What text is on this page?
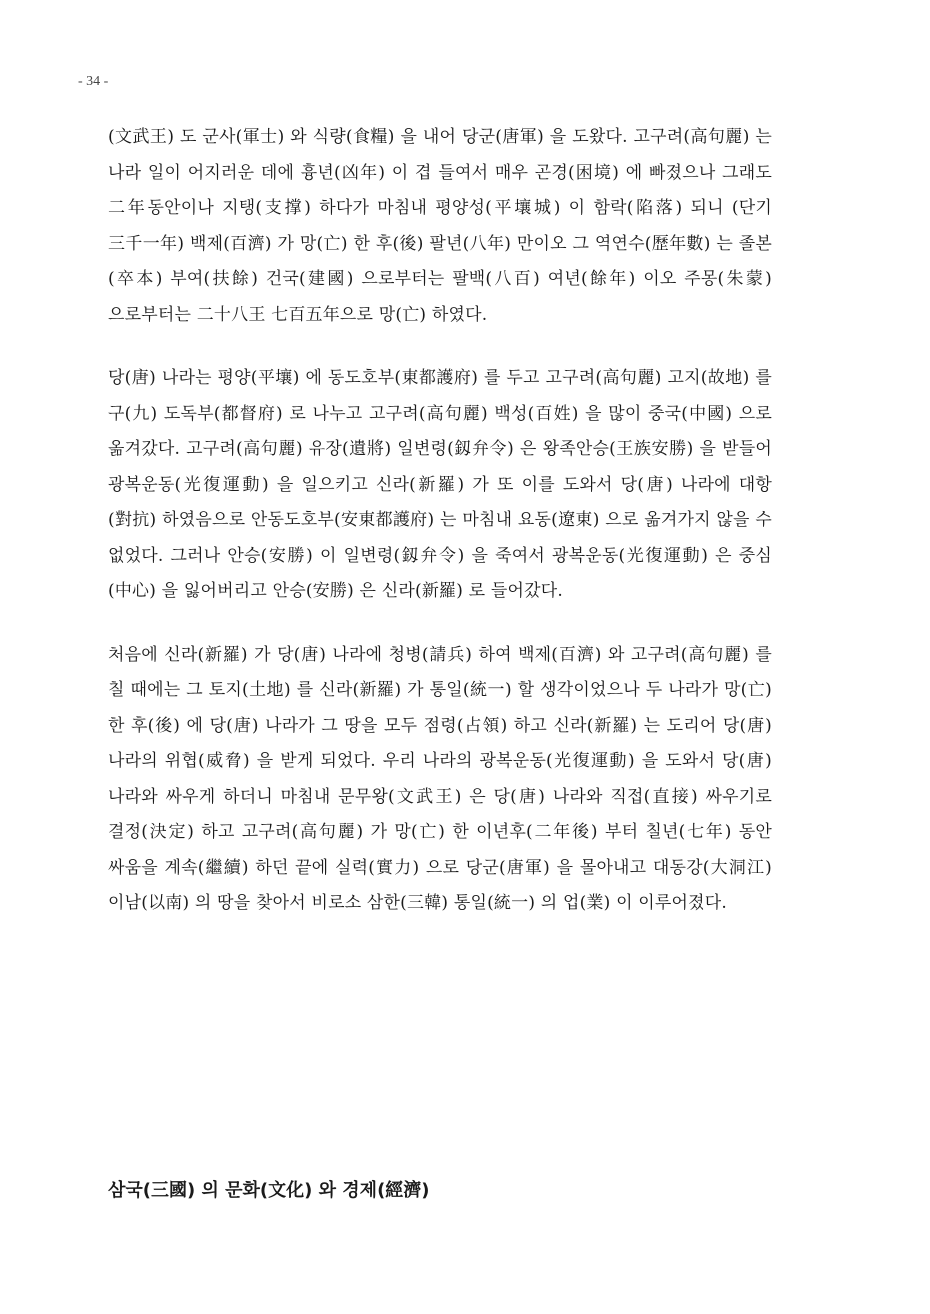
- 34 -

(文武王) 도 군사(軍士) 와 식량(食糧) 을 내어 당군(唐軍) 을 도왔다. 고구려(高句麗) 는 나라 일이 어지러운 데에 흉년(凶年) 이 겹 들여서 매우 곤경(困境) 에 빠졌으나 그래도 二年동안이나 지탱(支撑) 하다가 마침내 평양성(平壤城) 이 함락(陷落) 되니 (단기 三千一年) 백제(百濟) 가 망(亡) 한 후(後) 팔년(八年) 만이오 그 역연수(歷年數) 는 졸본(卒本) 부여(扶餘) 건국(建國) 으로부터는 팔백(八百) 여년(餘年) 이오 주몽(朱蒙) 으로부터는 二十八王 七百五年으로 망(亡) 하였다.

당(唐) 나라는 평양(平壤) 에 동도호부(東都護府) 를 두고 고구려(高句麗) 고지(故地) 를 구(九) 도독부(都督府) 로 나누고 고구려(高句麗) 백성(百姓) 을 많이 중국(中國) 으로 옮겨갔다. 고구려(高句麗) 유장(遺將) 일변령(釼弁令) 은 왕족안승(王族安勝) 을 받들어 광복운동(光復運動) 을 일으키고 신라(新羅) 가 또 이를 도와서 당(唐) 나라에 대항(對抗) 하였음으로 안동도호부(安東都護府) 는 마침내 요동(遼東) 으로 옮겨가지 않을 수 없었다. 그러나 안승(安勝) 이 일변령(釼弁令) 을 죽여서 광복운동(光復運動) 은 중심(中心) 을 잃어버리고 안승(安勝) 은 신라(新羅) 로 들어갔다.

처음에 신라(新羅) 가 당(唐) 나라에 청병(請兵) 하여 백제(百濟) 와 고구려(高句麗) 를 칠 때에는 그 토지(土地) 를 신라(新羅) 가 통일(統一) 할 생각이었으나 두 나라가 망(亡) 한 후(後) 에 당(唐) 나라가 그 땅을 모두 점령(占領) 하고 신라(新羅) 는 도리어 당(唐) 나라의 위협(威脅) 을 받게 되었다. 우리 나라의 광복운동(光復運動) 을 도와서 당(唐) 나라와 싸우게 하더니 마침내 문무왕(文武王) 은 당(唐) 나라와 직접(直接) 싸우기로 결정(決定) 하고 고구려(高句麗) 가 망(亡) 한 이년후(二年後) 부터 칠년(七年) 동안 싸움을 계속(繼續) 하던 끝에 실력(實力) 으로 당군(唐軍) 을 몰아내고 대동강(大洞江) 이남(以南) 의 땅을 찾아서 비로소 삼한(三韓) 통일(統一) 의 업(業) 이 이루어졌다.

삼국(三國) 의 문화(文化) 와 경제(經濟)
